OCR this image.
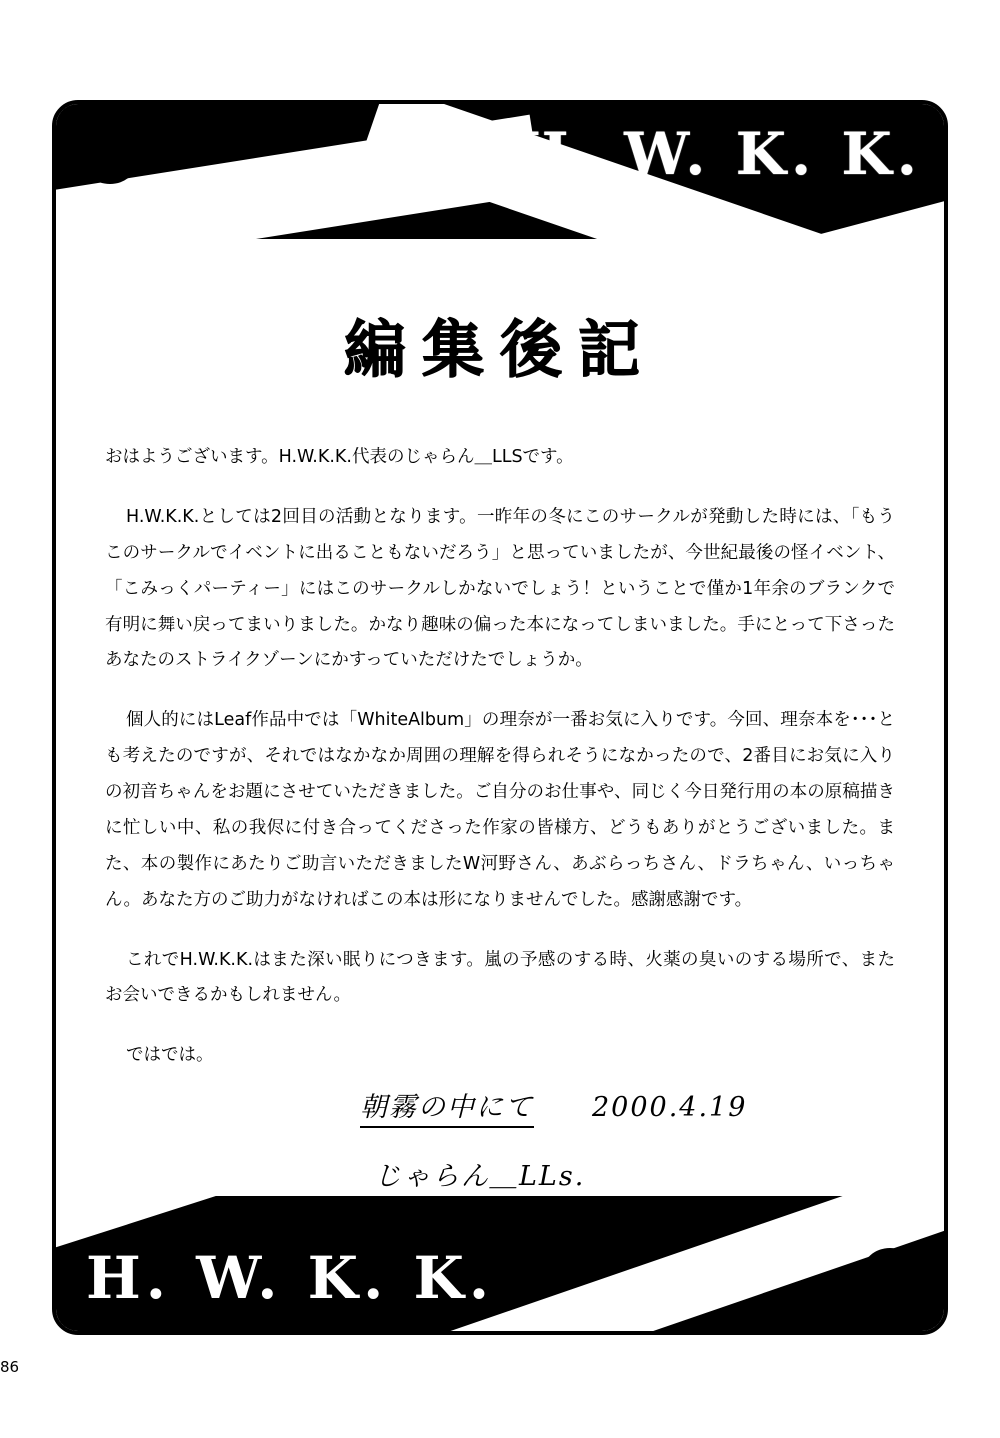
H. W. K. K.
編集後記

おはようございます。H.W.K.K.代表のじゃらん＿LLSです。

H.W.K.K.としては2回目の活動となります。一昨年の冬にこのサークルが発動した時には、「もうこのサークルでイベントに出ることもないだろう」と思っていましたが、今世紀最後の怪イベント、「こみっくパーティー」にはこのサークルしかないでしょう！ということで僅か1年余のブランクで有明に舞い戻ってまいりました。かなり趣味の偏った本になってしまいました。手にとって下さったあなたのストライクゾーンにかすっていただけたでしょうか。

個人的にはLeaf作品中では「WhiteAlbum」の理奈が一番お気に入りです。今回、理奈本を･･･とも考えたのですが、それではなかなか周囲の理解を得られそうになかったので、2番目にお気に入りの初音ちゃんをお題にさせていただきました。ご自分のお仕事や、同じく今日発行用の本の原稿描きに忙しい中、私の我侭に付き合ってくださった作家の皆様方、どうもありがとうございました。また、本の製作にあたりご助言いただきましたW河野さん、あぶらっちさん、ドラちゃん、いっちゃん。あなた方のご助力がなければこの本は形になりませんでした。感謝感謝です。

これでH.W.K.K.はまた深い眠りにつきます。嵐の予感のする時、火薬の臭いのする場所で、またお会いできるかもしれません。

ではでは。

朝霧の中にて 2000.4.19
じゃらん＿LLs.
H. W. K. K.
86
